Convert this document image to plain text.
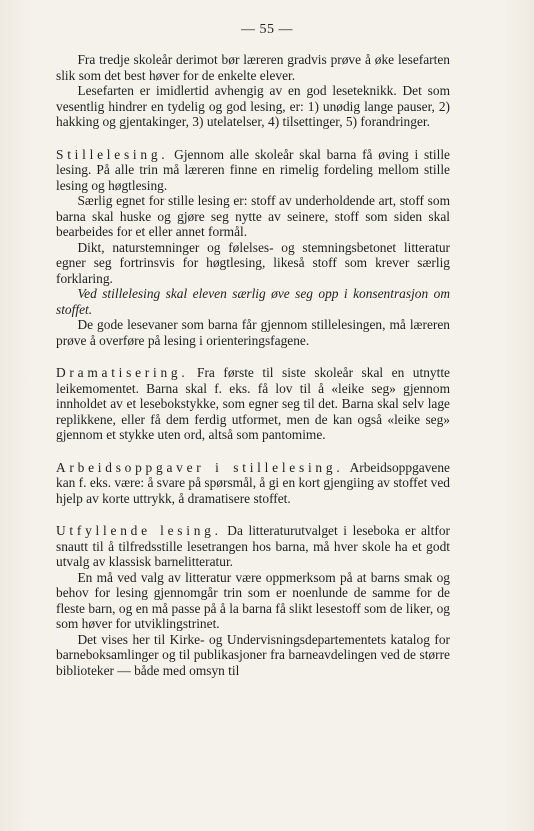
— 55 —

Fra tredje skoleår derimot bør læreren gradvis prøve å øke lesefarten slik som det best høver for de enkelte elever.

Lesefarten er imidlertid avhengig av en god leseteknikk. Det som vesentlig hindrer en tydelig og god lesing, er: 1) unødig lange pauser, 2) hakking og gjentakinger, 3) utelatelser, 4) tilsettinger, 5) forandringer.

Stillelesing. Gjennom alle skoleår skal barna få øving i stille lesing. På alle trin må læreren finne en rimelig fordeling mellom stille lesing og høgtlesing.

Særlig egnet for stille lesing er: stoff av underholdende art, stoff som barna skal huske og gjøre seg nytte av seinere, stoff som siden skal bearbeides for et eller annet formål.

Dikt, naturstemninger og følelses- og stemningsbetonet litteratur egner seg fortrinsvis for høgtlesing, likeså stoff som krever særlig forklaring.

Ved stillelesing skal eleven særlig øve seg opp i konsentrasjon om stoffet.

De gode lesevaner som barna får gjennom stillelesingen, må læreren prøve å overføre på lesing i orienteringsfagene.

Dramatisering. Fra første til siste skoleår skal en utnytte leikemomentet. Barna skal f. eks. få lov til å «leike seg» gjennom innholdet av et lesebokstykke, som egner seg til det. Barna skal selv lage replikkene, eller få dem ferdig utformet, men de kan også «leike seg» gjennom et stykke uten ord, altså som pantomime.

Arbeidsoppgaver i stillelesing. Arbeidsoppgavene kan f. eks. være: å svare på spørsmål, å gi en kort gjengiing av stoffet ved hjelp av korte uttrykk, å dramatisere stoffet.

Utfyllende lesing. Da litteraturutvalget i leseboka er altfor snautt til å tilfredsstille lesetrangen hos barna, må hver skole ha et godt utvalg av klassisk barnelitteratur.

En må ved valg av litteratur være oppmerksom på at barns smak og behov for lesing gjennomgår trin som er noenlunde de samme for de fleste barn, og en må passe på å la barna få slikt lesestoff som de liker, og som høver for utviklingstrinet.

Det vises her til Kirke- og Undervisningsdepartementets katalog for barneboksamlinger og til publikasjoner fra barneavdelingen ved de større biblioteker — både med omsyn til
